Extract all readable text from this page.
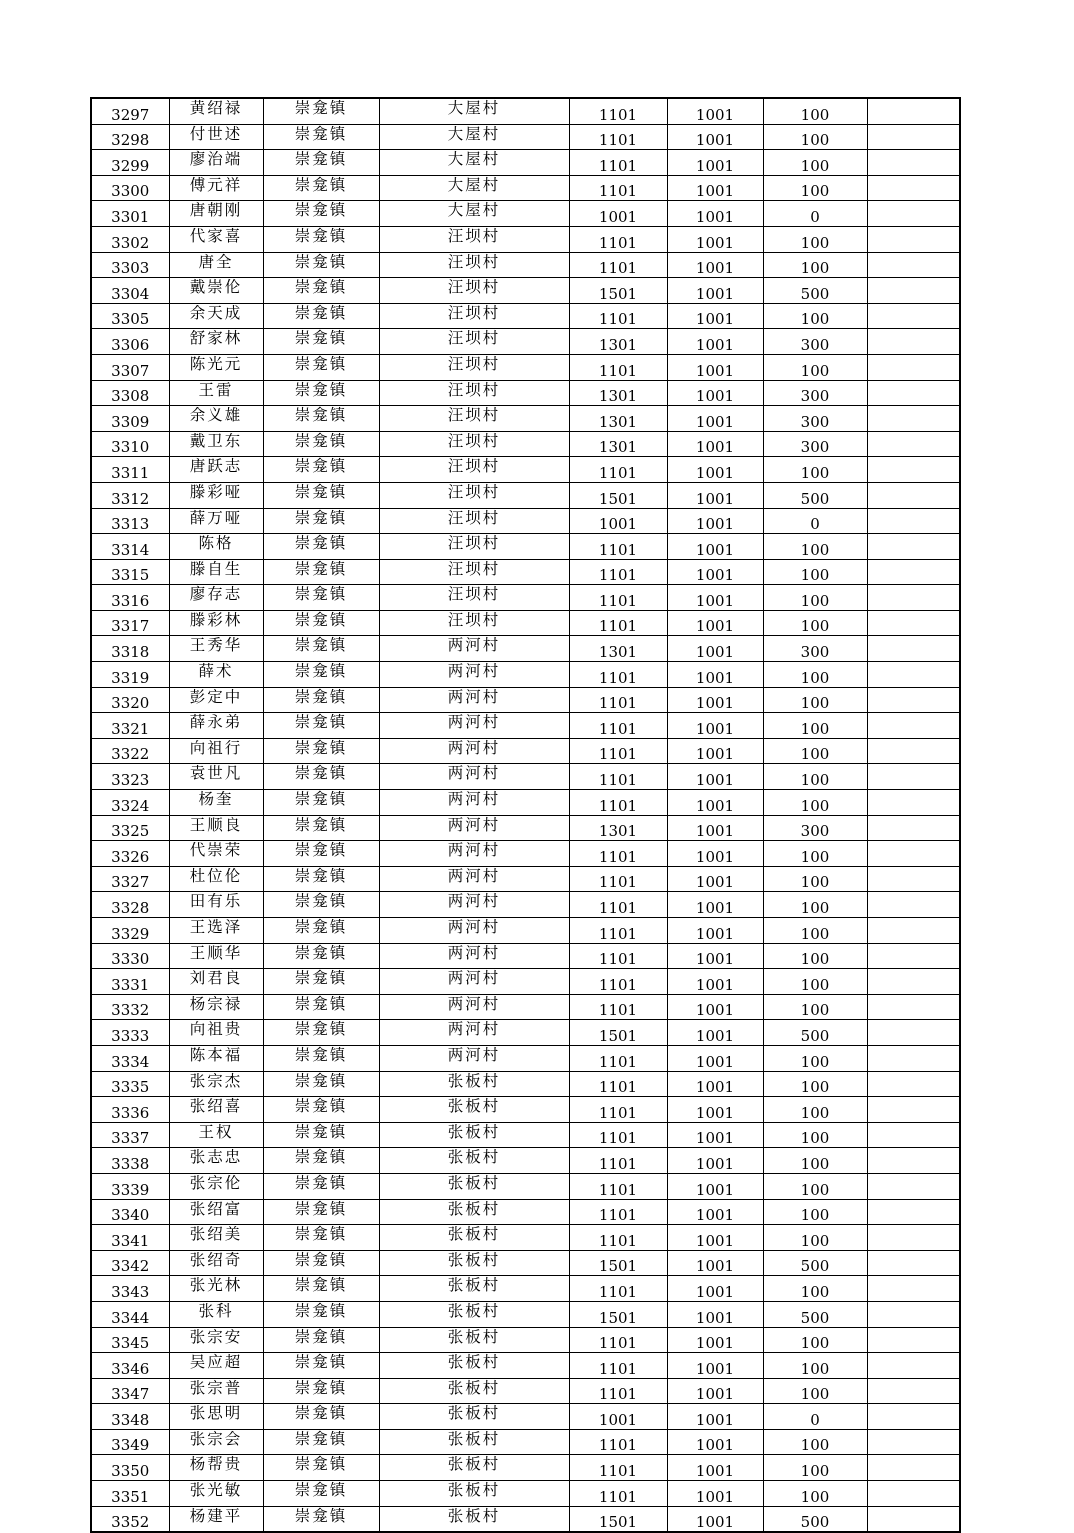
3297	黄绍禄	崇龛镇	大屋村	1101	1001	100	
3298	付世述	崇龛镇	大屋村	1101	1001	100	
3299	廖治端	崇龛镇	大屋村	1101	1001	100	
3300	傅元祥	崇龛镇	大屋村	1101	1001	100	
3301	唐朝刚	崇龛镇	大屋村	1001	1001	0	
3302	代家喜	崇龛镇	汪坝村	1101	1001	100	
3303	唐全	崇龛镇	汪坝村	1101	1001	100	
3304	戴崇伦	崇龛镇	汪坝村	1501	1001	500	
3305	余天成	崇龛镇	汪坝村	1101	1001	100	
3306	舒家林	崇龛镇	汪坝村	1301	1001	300	
3307	陈光元	崇龛镇	汪坝村	1101	1001	100	
3308	王雷	崇龛镇	汪坝村	1301	1001	300	
3309	余义雄	崇龛镇	汪坝村	1301	1001	300	
3310	戴卫东	崇龛镇	汪坝村	1301	1001	300	
3311	唐跃志	崇龛镇	汪坝村	1101	1001	100	
3312	滕彩哑	崇龛镇	汪坝村	1501	1001	500	
3313	薛万哑	崇龛镇	汪坝村	1001	1001	0	
3314	陈格	崇龛镇	汪坝村	1101	1001	100	
3315	滕自生	崇龛镇	汪坝村	1101	1001	100	
3316	廖存志	崇龛镇	汪坝村	1101	1001	100	
3317	滕彩林	崇龛镇	汪坝村	1101	1001	100	
3318	王秀华	崇龛镇	两河村	1301	1001	300	
3319	薛术	崇龛镇	两河村	1101	1001	100	
3320	彭定中	崇龛镇	两河村	1101	1001	100	
3321	薛永弟	崇龛镇	两河村	1101	1001	100	
3322	向祖行	崇龛镇	两河村	1101	1001	100	
3323	袁世凡	崇龛镇	两河村	1101	1001	100	
3324	杨奎	崇龛镇	两河村	1101	1001	100	
3325	王顺良	崇龛镇	两河村	1301	1001	300	
3326	代崇荣	崇龛镇	两河村	1101	1001	100	
3327	杜位伦	崇龛镇	两河村	1101	1001	100	
3328	田有乐	崇龛镇	两河村	1101	1001	100	
3329	王选泽	崇龛镇	两河村	1101	1001	100	
3330	王顺华	崇龛镇	两河村	1101	1001	100	
3331	刘君良	崇龛镇	两河村	1101	1001	100	
3332	杨宗禄	崇龛镇	两河村	1101	1001	100	
3333	向祖贵	崇龛镇	两河村	1501	1001	500	
3334	陈本福	崇龛镇	两河村	1101	1001	100	
3335	张宗杰	崇龛镇	张板村	1101	1001	100	
3336	张绍喜	崇龛镇	张板村	1101	1001	100	
3337	王权	崇龛镇	张板村	1101	1001	100	
3338	张志忠	崇龛镇	张板村	1101	1001	100	
3339	张宗伦	崇龛镇	张板村	1101	1001	100	
3340	张绍富	崇龛镇	张板村	1101	1001	100	
3341	张绍美	崇龛镇	张板村	1101	1001	100	
3342	张绍奇	崇龛镇	张板村	1501	1001	500	
3343	张光林	崇龛镇	张板村	1101	1001	100	
3344	张科	崇龛镇	张板村	1501	1001	500	
3345	张宗安	崇龛镇	张板村	1101	1001	100	
3346	吴应超	崇龛镇	张板村	1101	1001	100	
3347	张宗普	崇龛镇	张板村	1101	1001	100	
3348	张思明	崇龛镇	张板村	1001	1001	0	
3349	张宗会	崇龛镇	张板村	1101	1001	100	
3350	杨帮贵	崇龛镇	张板村	1101	1001	100	
3351	张光敏	崇龛镇	张板村	1101	1001	100	
3352	杨建平	崇龛镇	张板村	1501	1001	500	
